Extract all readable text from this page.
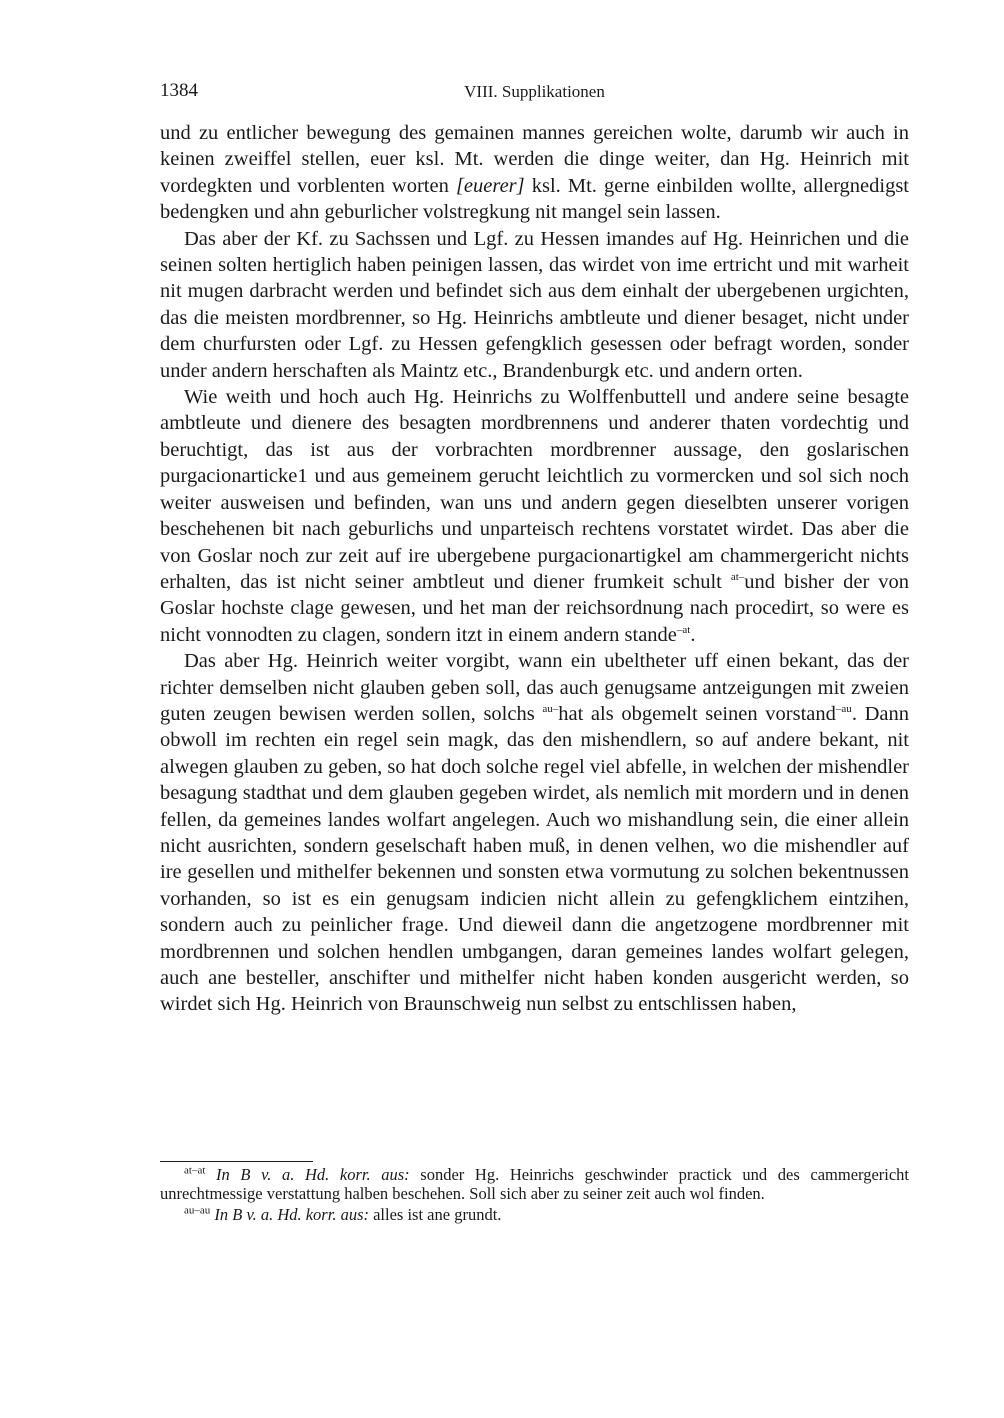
1384	VIII. Supplikationen

und zu entlicher bewegung des gemainen mannes gereichen wolte, darumb wir auch in keinen zweiffel stellen, euer ksl. Mt. werden die dinge weiter, dan Hg. Heinrich mit vordegkten und vorblenten worten [euerer] ksl. Mt. gerne einbilden wollte, allergnedigst bedengken und ahn geburlicher volstregkung nit mangel sein lassen.

Das aber der Kf. zu Sachssen und Lgf. zu Hessen imandes auf Hg. Heinrichen und die seinen solten hertiglich haben peinigen lassen, das wirdet von ime ertricht und mit warheit nit mugen darbracht werden und befindet sich aus dem einhalt der ubergebenen urgichten, das die meisten mordbrenner, so Hg. Heinrichs ambtleute und diener besaget, nicht under dem churfursten oder Lgf. zu Hessen gefengklich gesessen oder befragt worden, sonder under andern herschaften als Maintz etc., Brandenburgk etc. und andern orten.

Wie weith und hoch auch Hg. Heinrichs zu Wolffenbuttell und andere seine besagte ambtleute und dienere des besagten mordbrennens und anderer thaten vordechtig und beruchtigt, das ist aus der vorbrachten mordbrenner aussage, den goslarischen purgacionarticke1 und aus gemeinem gerucht leichtlich zu vormercken und sol sich noch weiter ausweisen und befinden, wan uns und andern gegen dieselbten unserer vorigen beschehenen bit nach geburlichs und unparteisch rechtens vorstatet wirdet. Das aber die von Goslar noch zur zeit auf ire ubergebene purgacionartigkel am chammergericht nichts erhalten, das ist nicht seiner ambtleut und diener frumkeit schult $^{at-}$und bisher der von Goslar hochste clage gewesen, und het man der reichsordnung nach procedirt, so were es nicht vonnodten zu clagen, sondern itzt in einem andern stande$^{-at}$.

Das aber Hg. Heinrich weiter vorgibt, wann ein ubeltheter uff einen bekant, das der richter demselben nicht glauben geben soll, das auch genugsame antzeigungen mit zweien guten zeugen bewisen werden sollen, solchs $^{au-}$hat als obgemelt seinen vorstand$^{-au}$. Dann obwoll im rechten ein regel sein magk, das den mishendlern, so auf andere bekant, nit alwegen glauben zu geben, so hat doch solche regel viel abfelle, in welchen der mishendler besagung stadthat und dem glauben gegeben wirdet, als nemlich mit mordern und in denen fellen, da gemeines landes wolfart angelegen. Auch wo mishandlung sein, die einer allein nicht ausrichten, sondern geselschaft haben muß, in denen velhen, wo die mishendler auf ire gesellen und mithelfer bekennen und sonsten etwa vormutung zu solchen bekentnussen vorhanden, so ist es ein genugsam indicien nicht allein zu gefengklichem eintzihen, sondern auch zu peinlicher frage. Und dieweil dann die angetzogene mordbrenner mit mordbrennen und solchen hendlen umbgangen, daran gemeines landes wolfart gelegen, auch ane besteller, anschifter und mithelfer nicht haben konden ausgericht werden, so wirdet sich Hg. Heinrich von Braunschweig nun selbst zu entschlissen haben,

$^{at-at}$ In B v. a. Hd. korr. aus: sonder Hg. Heinrichs geschwinder practick und des cammergericht unrechtmessige verstattung halben beschehen. Soll sich aber zu seiner zeit auch wol finden.

$^{au-au}$ In B v. a. Hd. korr. aus: alles ist ane grundt.
